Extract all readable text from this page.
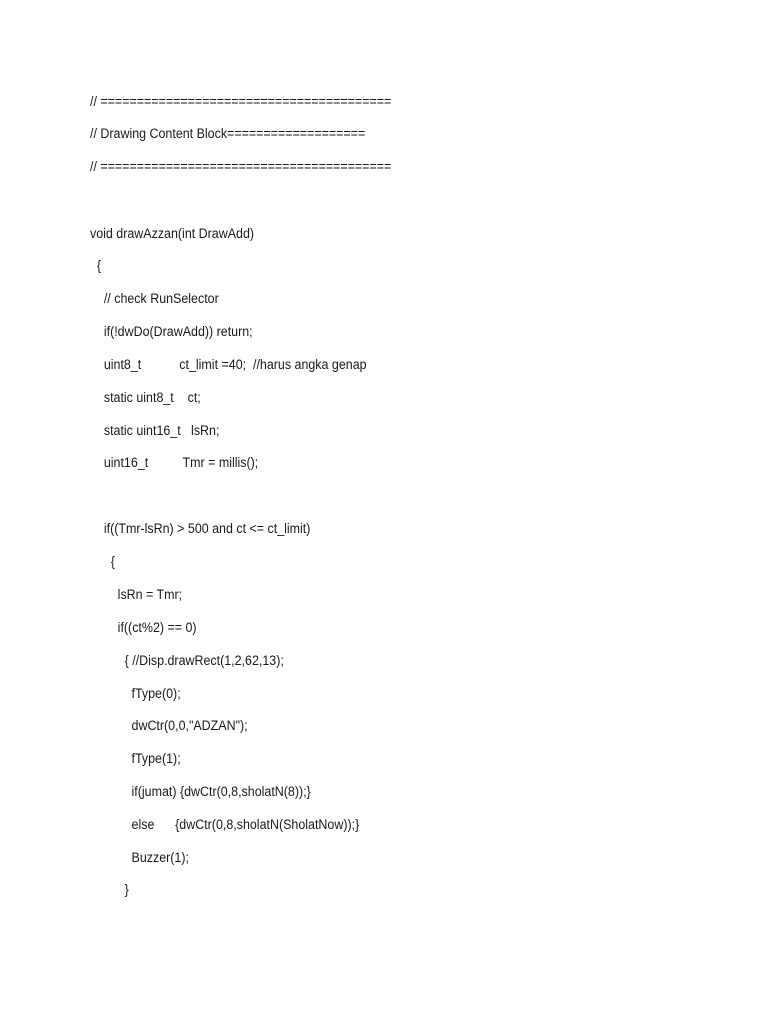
// ========================================
// Drawing Content Block===================
// ========================================
void drawAzzan(int DrawAdd)
{
// check RunSelector
if(!dwDo(DrawAdd)) return;
uint8_t           ct_limit =40;  //harus angka genap
static uint8_t    ct;
static uint16_t   lsRn;
uint16_t          Tmr = millis();
if((Tmr-lsRn) > 500 and ct <= ct_limit)
{
lsRn = Tmr;
if((ct%2) == 0)
{ //Disp.drawRect(1,2,62,13);
fType(0);
dwCtr(0,0,"ADZAN");
fType(1);
if(jumat) {dwCtr(0,8,sholatN(8));}
else      {dwCtr(0,8,sholatN(SholatNow));}
Buzzer(1);
}
